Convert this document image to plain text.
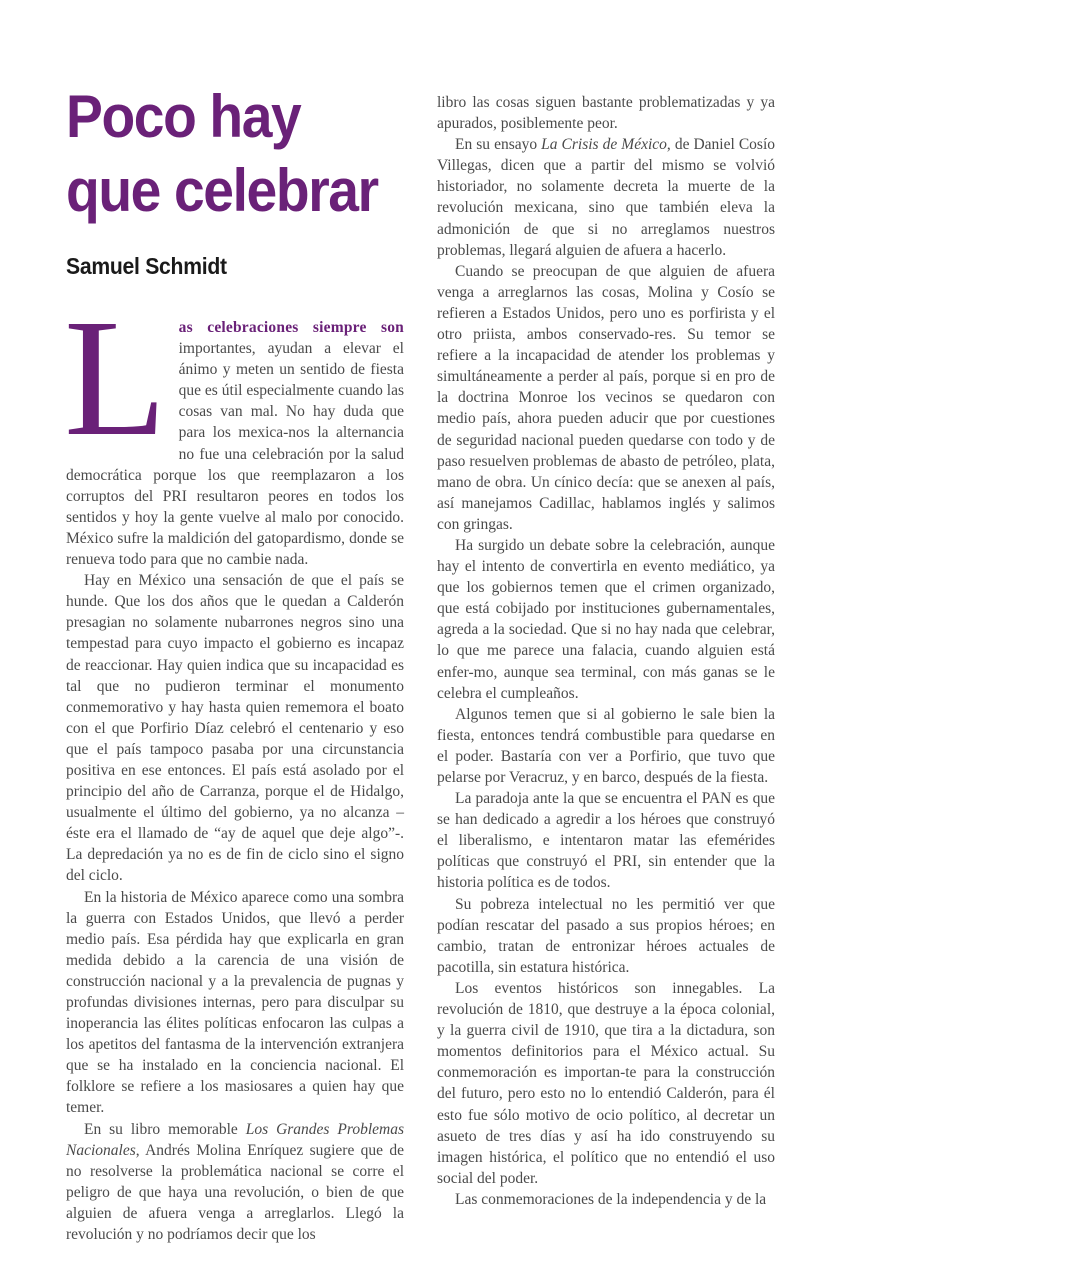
Poco hay
que celebrar
Samuel Schmidt

Las celebraciones siempre son importantes, ayudan a elevar el ánimo y meten un sentido de fiesta que es útil especialmente cuando las cosas van mal. No hay duda que para los mexica-nos la alternancia no fue una celebración por la salud democrática porque los que reemplazaron a los corruptos del PRI resultaron peores en todos los sentidos y hoy la gente vuelve al malo por conocido. México sufre la maldición del gatopardismo, donde se renueva todo para que no cambie nada.

Hay en México una sensación de que el país se hunde. Que los dos años que le quedan a Calderón presagian no solamente nubarrones negros sino una tempestad para cuyo impacto el gobierno es incapaz de reaccionar. Hay quien indica que su incapacidad es tal que no pudieron terminar el monumento conmemorativo y hay hasta quien rememora el boato con el que Porfirio Díaz celebró el centenario y eso que el país tampoco pasaba por una circunstancia positiva en ese entonces. El país está asolado por el principio del año de Carranza, porque el de Hidalgo, usualmente el último del gobierno, ya no alcanza –éste era el llamado de “ay de aquel que deje algo”-. La depredación ya no es de fin de ciclo sino el signo del ciclo.

En la historia de México aparece como una sombra la guerra con Estados Unidos, que llevó a perder medio país. Esa pérdida hay que explicarla en gran medida debido a la carencia de una visión de construcción nacional y a la prevalencia de pugnas y profundas divisiones internas, pero para disculpar su inoperancia las élites políticas enfocaron las culpas a los apetitos del fantasma de la intervención extranjera que se ha instalado en la conciencia nacional. El folklore se refiere a los masiosares a quien hay que temer.

En su libro memorable Los Grandes Problemas Nacionales, Andrés Molina Enríquez sugiere que de no resolverse la problemática nacional se corre el peligro de que haya una revolución, o bien de que alguien de afuera venga a arreglarlos. Llegó la revolución y no podríamos decir que los

libro las cosas siguen bastante problematizadas y ya apurados, posiblemente peor.

En su ensayo La Crisis de México, de Daniel Cosío Villegas, dicen que a partir del mismo se volvió historiador, no solamente decreta la muerte de la revolución mexicana, sino que también eleva la admonición de que si no arreglamos nuestros problemas, llegará alguien de afuera a hacerlo.

Cuando se preocupan de que alguien de afuera venga a arreglarnos las cosas, Molina y Cosío se refieren a Estados Unidos, pero uno es porfirista y el otro priista, ambos conservado-res. Su temor se refiere a la incapacidad de atender los problemas y simultáneamente a perder al país, porque si en pro de la doctrina Monroe los vecinos se quedaron con medio país, ahora pueden aducir que por cuestiones de seguridad nacional pueden quedarse con todo y de paso resuelven problemas de abasto de petróleo, plata, mano de obra. Un cínico decía: que se anexen al país, así manejamos Cadillac, hablamos inglés y salimos con gringas.

Ha surgido un debate sobre la celebración, aunque hay el intento de convertirla en evento mediático, ya que los gobiernos temen que el crimen organizado, que está cobijado por instituciones gubernamentales, agreda a la sociedad. Que si no hay nada que celebrar, lo que me parece una falacia, cuando alguien está enfer-mo, aunque sea terminal, con más ganas se le celebra el cumpleaños.

Algunos temen que si al gobierno le sale bien la fiesta, entonces tendrá combustible para quedarse en el poder. Bastaría con ver a Porfirio, que tuvo que pelarse por Veracruz, y en barco, después de la fiesta.

La paradoja ante la que se encuentra el PAN es que se han dedicado a agredir a los héroes que construyó el liberalismo, e intentaron matar las efemérides políticas que construyó el PRI, sin entender que la historia política es de todos.

Su pobreza intelectual no les permitió ver que podían rescatar del pasado a sus propios héroes; en cambio, tratan de entronizar héroes actuales de pacotilla, sin estatura histórica.

Los eventos históricos son innegables. La revolución de 1810, que destruye a la época colonial, y la guerra civil de 1910, que tira a la dictadura, son momentos definitorios para el México actual. Su conmemoración es importan-te para la construcción del futuro, pero esto no lo entendió Calderón, para él esto fue sólo motivo de ocio político, al decretar un asueto de tres días y así ha ido construyendo su imagen histórica, el político que no entendió el uso social del poder.

Las conmemoraciones de la independencia y de la
